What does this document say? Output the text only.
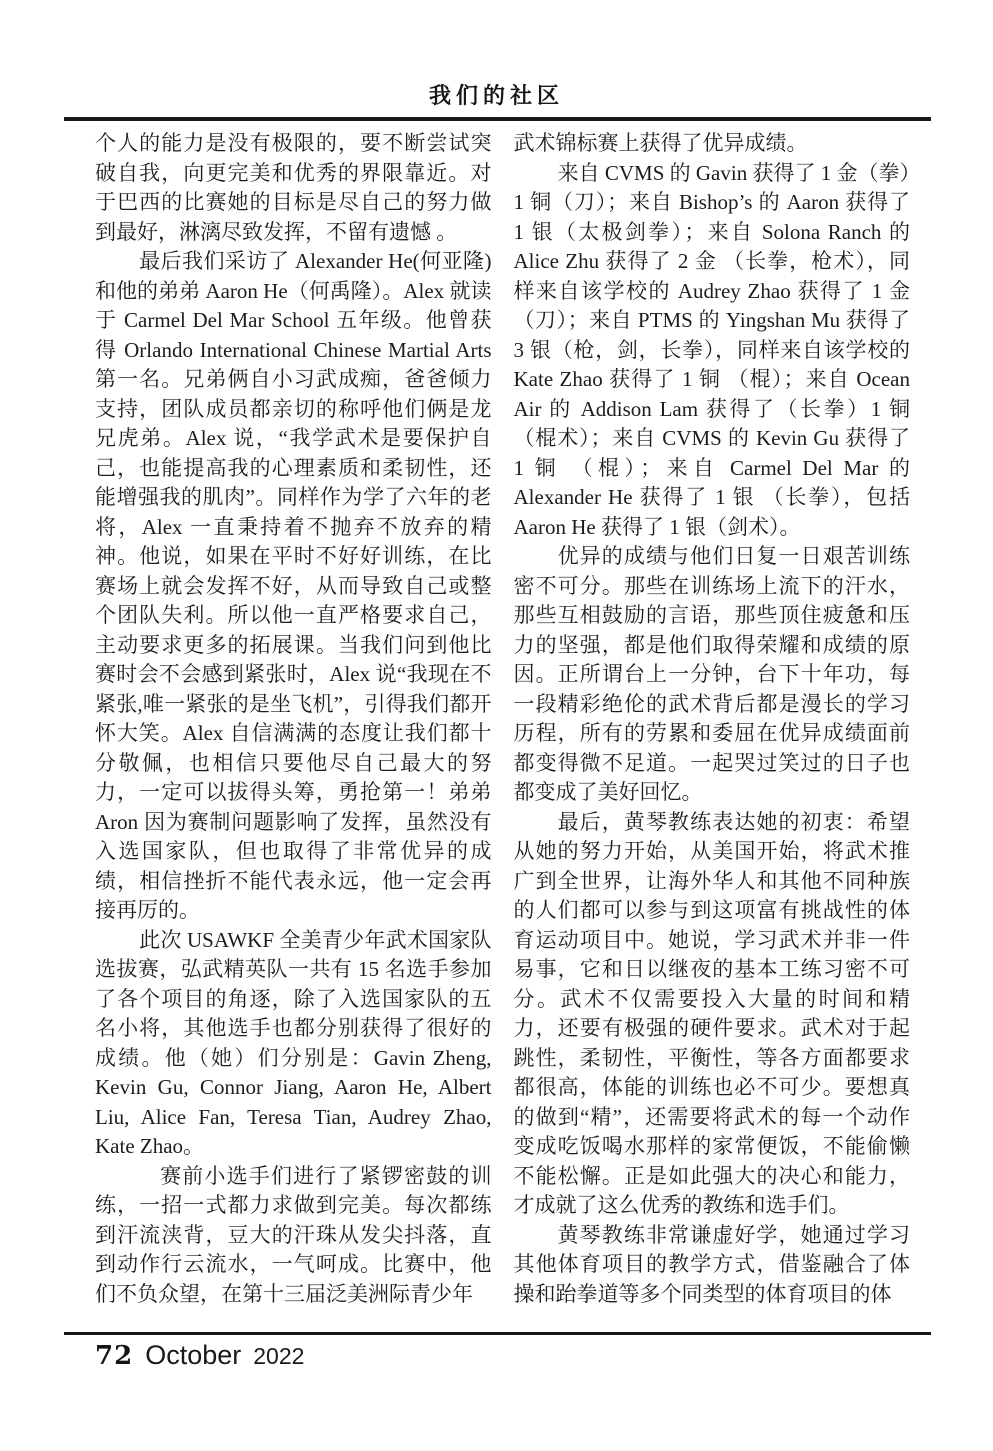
我们的社区

个人的能力是没有极限的，要不断尝试突破自我，向更完美和优秀的界限靠近。对于巴西的比赛她的目标是尽自己的努力做到最好，淋漓尽致发挥，不留有遗憾 。

最后我们采访了 Alexander He(何亚隆) 和他的弟弟 Aaron He（何禹隆）。Alex 就读于 Carmel Del Mar School 五年级。他曾获得 Orlando International Chinese Martial Arts 第一名。兄弟俩自小习武成痴，爸爸倾力支持，团队成员都亲切的称呼他们俩是龙兄虎弟。Alex 说，“我学武术是要保护自己，也能提高我的心理素质和柔韧性，还能增强我的肌肉”。同样作为学了六年的老将，Alex 一直秉持着不抛弃不放弃的精神。他说，如果在平时不好好训练，在比赛场上就会发挥不好，从而导致自己或整个团队失利。所以他一直严格要求自己，主动要求更多的拓展课。当我们问到他比赛时会不会感到紧张时，Alex 说“我现在不紧张,唯一紧张的是坐飞机”，引得我们都开怀大笑。Alex 自信满满的态度让我们都十分敬佩，也相信只要他尽自己最大的努力，一定可以拔得头筹，勇抢第一！弟弟 Aron 因为赛制问题影响了发挥，虽然没有入选国家队，但也取得了非常优异的成绩，相信挫折不能代表永远，他一定会再接再厉的。

此次 USAWKF 全美青少年武术国家队选拔赛，弘武精英队一共有 15 名选手参加了各个项目的角逐，除了入选国家队的五名小将，其他选手也都分别获得了很好的成绩。他（她）们分别是：Gavin Zheng, Kevin Gu, Connor Jiang, Aaron He, Albert Liu, Alice Fan, Teresa Tian, Audrey Zhao, Kate Zhao。

赛前小选手们进行了紧锣密鼓的训练，一招一式都力求做到完美。每次都练到汗流浃背，豆大的汗珠从发尖抖落，直到动作行云流水，一气呵成。比赛中，他们不负众望，在第十三届泛美洲际青少年

武术锦标赛上获得了优异成绩。

来自 CVMS 的 Gavin 获得了 1 金（拳）1 铜（刀）；来自 Bishop’s 的 Aaron 获得了 1 银（太极剑拳）；来自 Solona Ranch 的 Alice Zhu 获得了 2 金 （长拳，枪术），同样来自该学校的 Audrey Zhao 获得了 1 金 （刀）；来自 PTMS 的 Yingshan Mu 获得了 3 银（枪，剑，长拳），同样来自该学校的 Kate Zhao 获得了 1 铜 （棍）；来自 Ocean Air 的 Addison Lam 获得了（长拳）1 铜（棍术）；来自 CVMS 的 Kevin Gu 获得了 1 铜 （棍）；来自 Carmel Del Mar 的 Alexander He 获得了 1 银 （长拳），包括 Aaron He 获得了 1 银（剑术）。

优异的成绩与他们日复一日艰苦训练密不可分。那些在训练场上流下的汗水，那些互相鼓励的言语，那些顶住疲惫和压力的坚强，都是他们取得荣耀和成绩的原因。正所谓台上一分钟，台下十年功，每一段精彩绝伦的武术背后都是漫长的学习历程，所有的劳累和委屈在优异成绩面前都变得微不足道。一起哭过笑过的日子也都变成了美好回忆。

最后，黄琴教练表达她的初衷：希望从她的努力开始，从美国开始，将武术推广到全世界，让海外华人和其他不同种族的人们都可以参与到这项富有挑战性的体育运动项目中。她说，学习武术并非一件易事，它和日以继夜的基本工练习密不可分。武术不仅需要投入大量的时间和精力，还要有极强的硬件要求。武术对于起跳性，柔韧性，平衡性，等各方面都要求都很高，体能的训练也必不可少。要想真的做到“精”，还需要将武术的每一个动作变成吃饭喝水那样的家常便饭，不能偷懒不能松懈。正是如此强大的决心和能力，才成就了这么优秀的教练和选手们。

黄琴教练非常谦虚好学，她通过学习其他体育项目的教学方式，借鉴融合了体操和跆拳道等多个同类型的体育项目的体

72 October 2022
